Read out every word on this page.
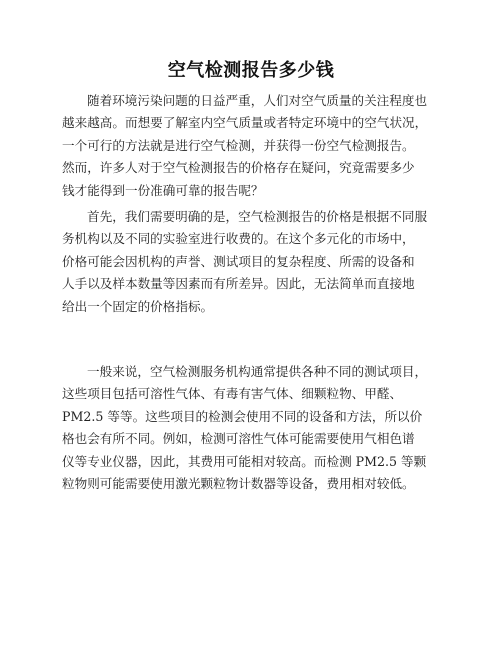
空气检测报告多少钱
随着环境污染问题的日益严重，人们对空气质量的关注程度也
越来越高。而想要了解室内空气质量或者特定环境中的空气状况，
一个可行的方法就是进行空气检测，并获得一份空气检测报告。
然而，许多人对于空气检测报告的价格存在疑问，究竟需要多少
钱才能得到一份准确可靠的报告呢？
首先，我们需要明确的是，空气检测报告的价格是根据不同服
务机构以及不同的实验室进行收费的。在这个多元化的市场中，
价格可能会因机构的声誉、测试项目的复杂程度、所需的设备和
人手以及样本数量等因素而有所差异。因此，无法简单而直接地
给出一个固定的价格指标。
一般来说，空气检测服务机构通常提供各种不同的测试项目，
这些项目包括可溶性气体、有毒有害气体、细颗粒物、甲醛、
PM2.5 等等。这些项目的检测会使用不同的设备和方法，所以价
格也会有所不同。例如，检测可溶性气体可能需要使用气相色谱
仪等专业仪器，因此，其费用可能相对较高。而检测 PM2.5 等颗
粒物则可能需要使用激光颗粒物计数器等设备，费用相对较低。
